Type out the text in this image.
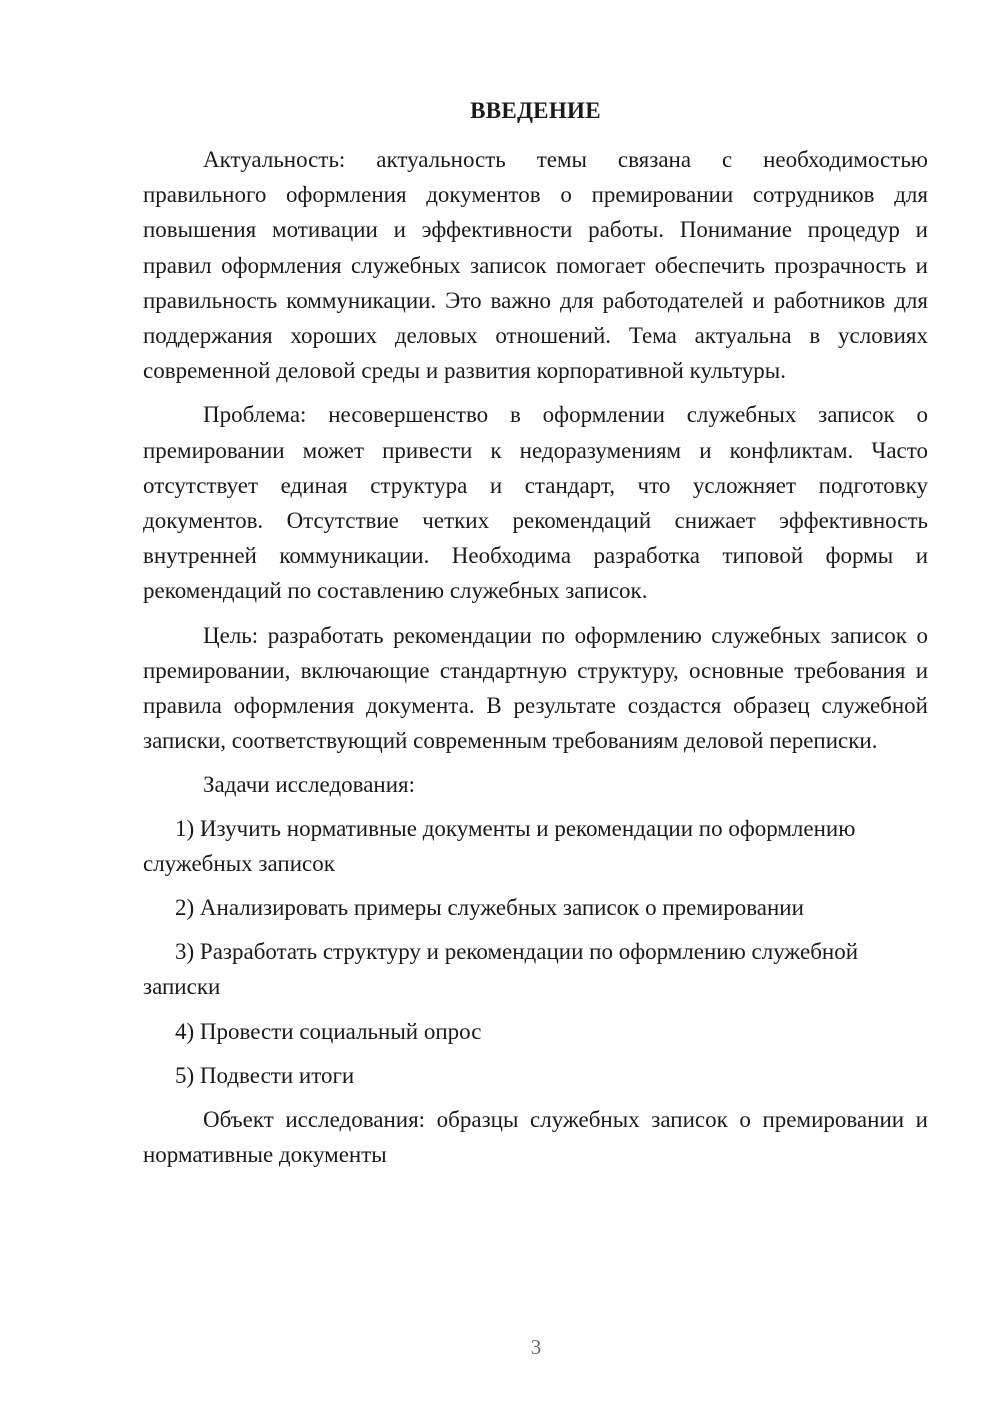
ВВЕДЕНИЕ

Актуальность: актуальность темы связана с необходимостью правильного оформления документов о премировании сотрудников для повышения мотивации и эффективности работы. Понимание процедур и правил оформления служебных записок помогает обеспечить прозрачность и правильность коммуникации. Это важно для работодателей и работников для поддержания хороших деловых отношений. Тема актуальна в условиях современной деловой среды и развития корпоративной культуры.

Проблема: несовершенство в оформлении служебных записок о премировании может привести к недоразумениям и конфликтам. Часто отсутствует единая структура и стандарт, что усложняет подготовку документов. Отсутствие четких рекомендаций снижает эффективность внутренней коммуникации. Необходима разработка типовой формы и рекомендаций по составлению служебных записок.

Цель: разработать рекомендации по оформлению служебных записок о премировании, включающие стандартную структуру, основные требования и правила оформления документа. В результате создастся образец служебной записки, соответствующий современным требованиям деловой переписки.

Задачи исследования:

1) Изучить нормативные документы и рекомендации по оформлению служебных записок

2) Анализировать примеры служебных записок о премировании

3) Разработать структуру и рекомендации по оформлению служебной записки

4) Провести социальный опрос

5) Подвести итоги

Объект исследования: образцы служебных записок о премировании и нормативные документы

3
